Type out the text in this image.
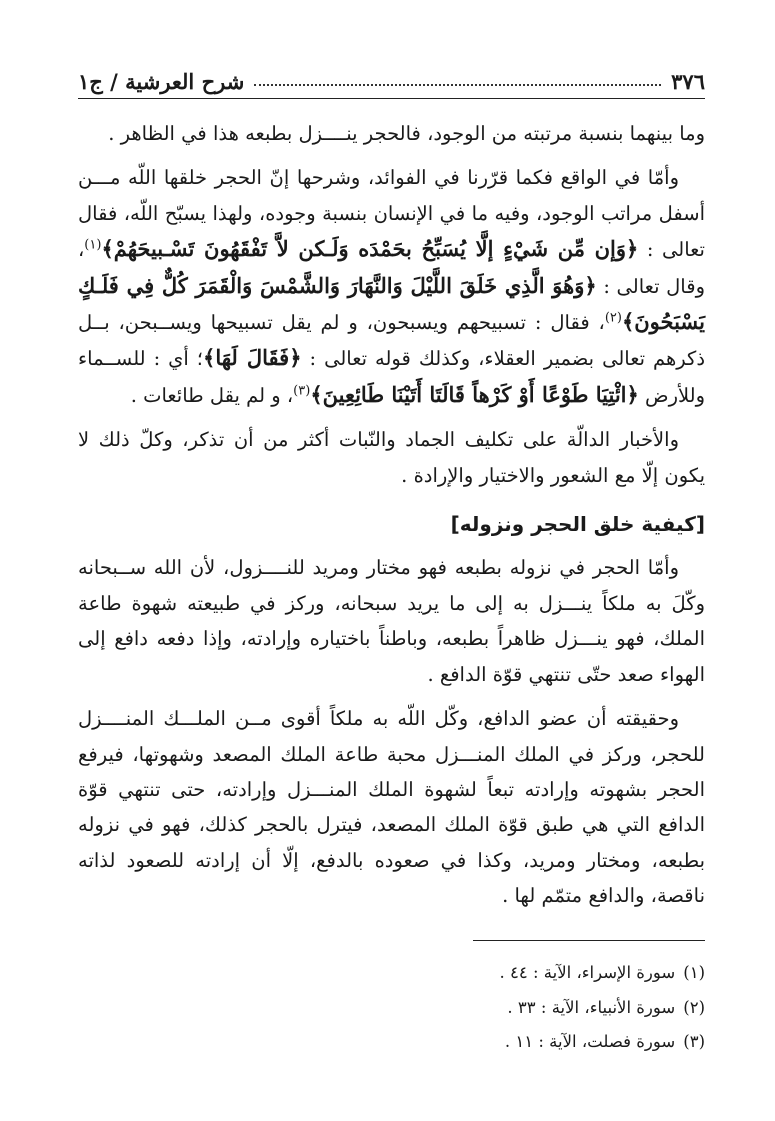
٣٧٦
شرح العرشية / ج١

وما بينهما بنسبة مرتبته من الوجود، فالحجر ينــــزل بطبعه هذا في الظاهر .

وأمّا في الواقع فكما قرّرنا في الفوائد، وشرحها إنّ الحجر خلقها اللّه مـــن أسفل مراتب الوجود، وفيه ما في الإنسان بنسبة وجوده، ولهذا يسبّح اللّه، فقال تعالى : ﴿وَإن مِّن شَيْءٍ إلَّا يُسَبِّحُ بحَمْدَه وَلَـكن لاَّ تَفْقَهُونَ تَسْـبيحَهُمْ﴾$^{(١)}$، وقال تعالى : ﴿وَهُوَ الَّذِي خَلَقَ اللَّيْلَ وَالنَّهَارَ وَالشَّمْسَ وَالْقَمَرَ كُلٌّ فِي فَلَـكٍ يَسْبَحُونَ﴾$^{(٢)}$، فقال : تسبيحهم ويسبحون، و لم يقل تسبيحها ويســبحن، بــل ذكرهم تعالى بضمير العقلاء، وكذلك قوله تعالى : ﴿فَقَالَ لَهَا﴾؛ أي : للســماء وللأرض ﴿ائْتِيَا طَوْعًا أَوْ كَرْهاً قَالَتَا أَتَيْنَا طَائِعِينَ﴾$^{(٣)}$، و لم يقل طائعات .

والأخبار الدالّة على تكليف الجماد والنّبات أكثر من أن تذكر، وكلّ ذلك لا يكون إلّا مع الشعور والاختيار والإرادة .

[كيفية خلق الحجر ونزوله]

وأمّا الحجر في نزوله بطبعه فهو مختار ومريد للنــــزول، لأن الله ســبحانه وكّلَ به ملكاً ينـــزل به إلى ما يريد سبحانه، وركز في طبيعته شهوة طاعة الملك، فهو ينـــزل ظاهراً بطبعه، وباطناً باختياره وإرادته، وإذا دفعه دافع إلى الهواء صعد حتّى تنتهي قوّة الدافع .

وحقيقته أن عضو الدافع، وكّل اللّه به ملكاً أقوى مــن الملـــك المنــــزل للحجر، وركز في الملك المنـــزل محبة طاعة الملك المصعد وشهوتها، فيرفع الحجر بشهوته وإرادته تبعاً لشهوة الملك المنـــزل وإرادته، حتى تنتهي قوّة الدافع التي هي طبق قوّة الملك المصعد، فيترل بالحجر كذلك، فهو في نزوله بطبعه، ومختار ومريد، وكذا في صعوده بالدفع، إلّا أن إرادته للصعود لذاته ناقصة، والدافع متمّم لها .

(١)سورة الإسراء، الآية : ٤٤ .
(٢)سورة الأنبياء، الآية : ٣٣ .
(٣)سورة فصلت، الآية : ١١ .
